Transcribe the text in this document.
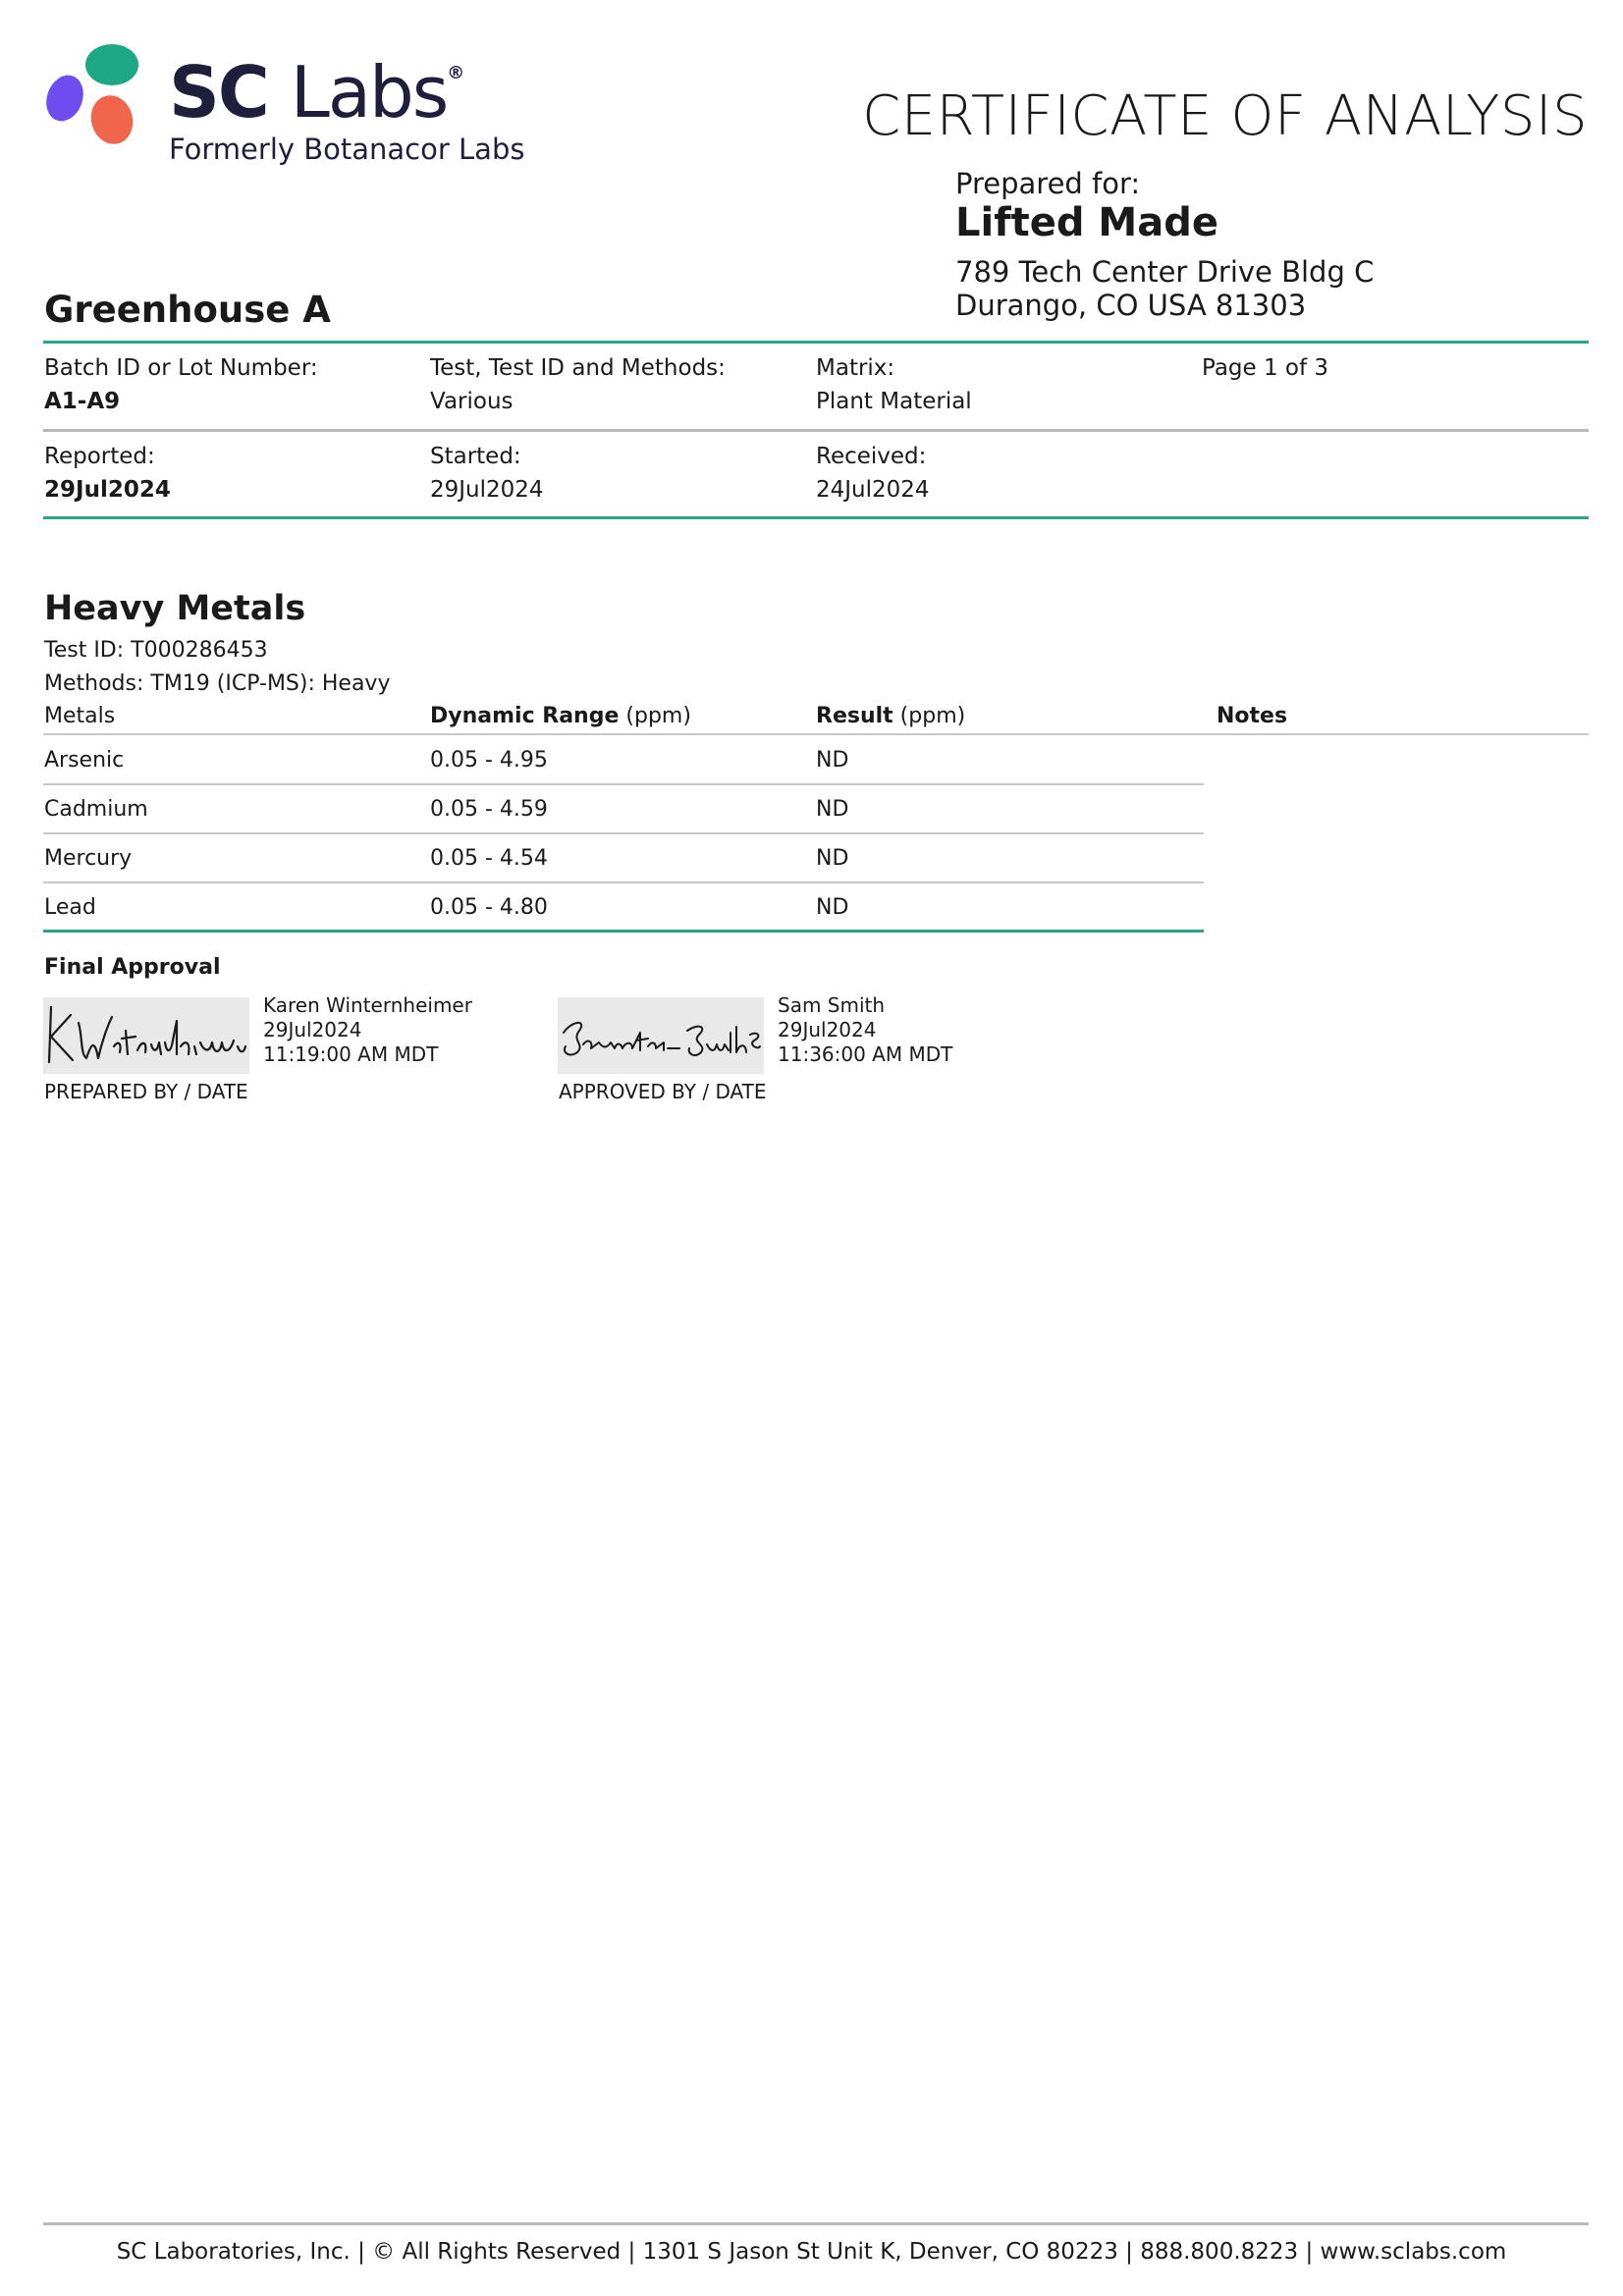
SC Labs®
Formerly Botanacor Labs
CERTIFICATE OF ANALYSIS
Prepared for:
Lifted Made
789 Tech Center Drive Bldg C
Durango, CO USA 81303
Greenhouse A
Batch ID or Lot Number:
A1-A9
Test, Test ID and Methods:
Various
Matrix:
Plant Material
Page 1 of 3
Reported:
29Jul2024
Started:
29Jul2024
Received:
24Jul2024
Heavy Metals
Test ID: T000286453
Methods: TM19 (ICP-MS): Heavy
Metals	Dynamic Range (ppm)	Result (ppm)	Notes
Arsenic	0.05 - 4.95	ND
Cadmium	0.05 - 4.59	ND
Mercury	0.05 - 4.54	ND
Lead	0.05 - 4.80	ND
Final Approval
Karen Winternheimer
29Jul2024
11:19:00 AM MDT
PREPARED BY / DATE
Sam Smith
29Jul2024
11:36:00 AM MDT
APPROVED BY / DATE
SC Laboratories, Inc. | © All Rights Reserved | 1301 S Jason St Unit K, Denver, CO 80223 | 888.800.8223 | www.sclabs.com
